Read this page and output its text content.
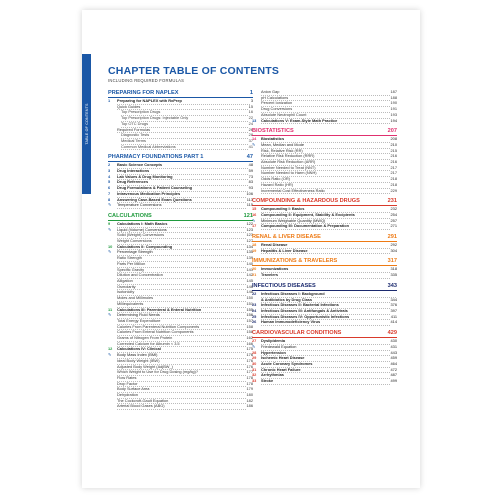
TABLE OF CONTENTS
CHAPTER TABLE OF CONTENTS
INCLUDING REQUIRED FORMULAS
PREPARING FOR NAPLEX	1
1	Preparing for NAPLEX with RxPrep	3
Quick Guides	15
Top Prescription Drugs	16
Top Prescription Drugs: Injectable Only	22
Top OTC Drugs	24
Required Formulas	26
Diagnostic Tests	28
Medical Terms	37
Common Medical Abbreviations	41
PHARMACY FOUNDATIONS PART 1	47
2	Basic Science Concepts	48
3	Drug Interactions	59
4	Lab Values & Drug Monitoring	73
5	Drug References	83
6	Drug Formulations & Patient Counseling	93
7	Intravenous Medication Principles	106
8	Answering Case-Based Exam Questions	113
✎	Temperature Conversions	115
CALCULATIONS	121
9	Calculations I: Math Basics	122
✎	Liquid (Volume) Conversions	123
Solid (Weight) Conversions	123
Weight Conversions	127
10	Calculations II: Compounding	134
✎	Percentage Strength	135
Ratio Strength	139
Parts Per Million	140
Specific Gravity	141
Dilution and Concentration	142
Alligation	145
Osmolarity	146
Isotonicity	148
Moles and Millimoles	150
Milliequivalents	151
11	Calculations III: Parenteral & Enteral Nutrition	155
✎	Determining Fluid Needs	156
Total Energy Expenditure	157
Calories From Parenteral Nutrition Components	158
Calories From Enteral Nutrition Components	158
Grams of Nitrogen From Protein	162
Corrected Calcium for Albumin < 3.5	166
12	Calculations IV: Clinical	175
✎	Body Mass Index (BMI)	176
Ideal Body Weight (IBW)	176
Adjusted Body Weight (AdjBW_)	176
Which Weight to Use for Drug Dosing (mg/kg)?	177
Flow Rates	178
Drop Factor	178
Body Surface Area	179
Dehydration	180
The Cockcroft-Gault Equation	182
Arterial Blood Gases (ABG)	186
Anion Gap	187
pH Calculations	188
Percent Ionization	190
Drug Conversions	191
Absolute Neutrophil Count	193
13	Calculations V: Exam-Style Math Practice	194
BIOSTATISTICS	207
14	Biostatistics	208
✎	Mean, Median and Mode	210
Risk, Relative Risk (RR)	215
Relative Risk Reduction (RRR)	216
Absolute Risk Reduction (ARR)	216
Number Needed to Treat (NNT)	217
Number Needed to Harm (NNH)	217
Odds Ratio (OR)	218
Hazard Ratio (HR)	218
Incremental Cost Effectiveness Ratio	229
COMPOUNDING & HAZARDOUS DRUGS	231
15	Compounding I: Basics	232
16	Compounding II: Equipment, Stability & Excipients	254
✎	Minimum Weighable Quantity (MWQ)	257
17	Compounding III: Documentation & Preparation	271
RENAL & LIVER DISEASE	291
18	Renal Disease	292
19	Hepatitis & Liver Disease	304
IMMUNIZATIONS & TRAVELERS	317
20	Immunizations	318
21	Travelers	335
INFECTIOUS DISEASES	343
22	Infectious Diseases I: Background
& Antibiotics by Drug Class	344
23	Infectious Diseases II: Bacterial Infections	376
24	Infectious Diseases III: Antifungals & Antivirals	397
25	Infectious Diseases IV: Opportunistic Infections	411
26	Human Immunodeficiency Virus	414
CARDIOVASCULAR CONDITIONS	429
27	Dyslipidemia	430
✎	Friedewald Equation	431
28	Hypertension	443
29	Ischemic Heart Disease	459
30	Acute Coronary Syndromes	464
31	Chronic Heart Failure	472
32	Arrhythmias	487
33	Stroke	499
